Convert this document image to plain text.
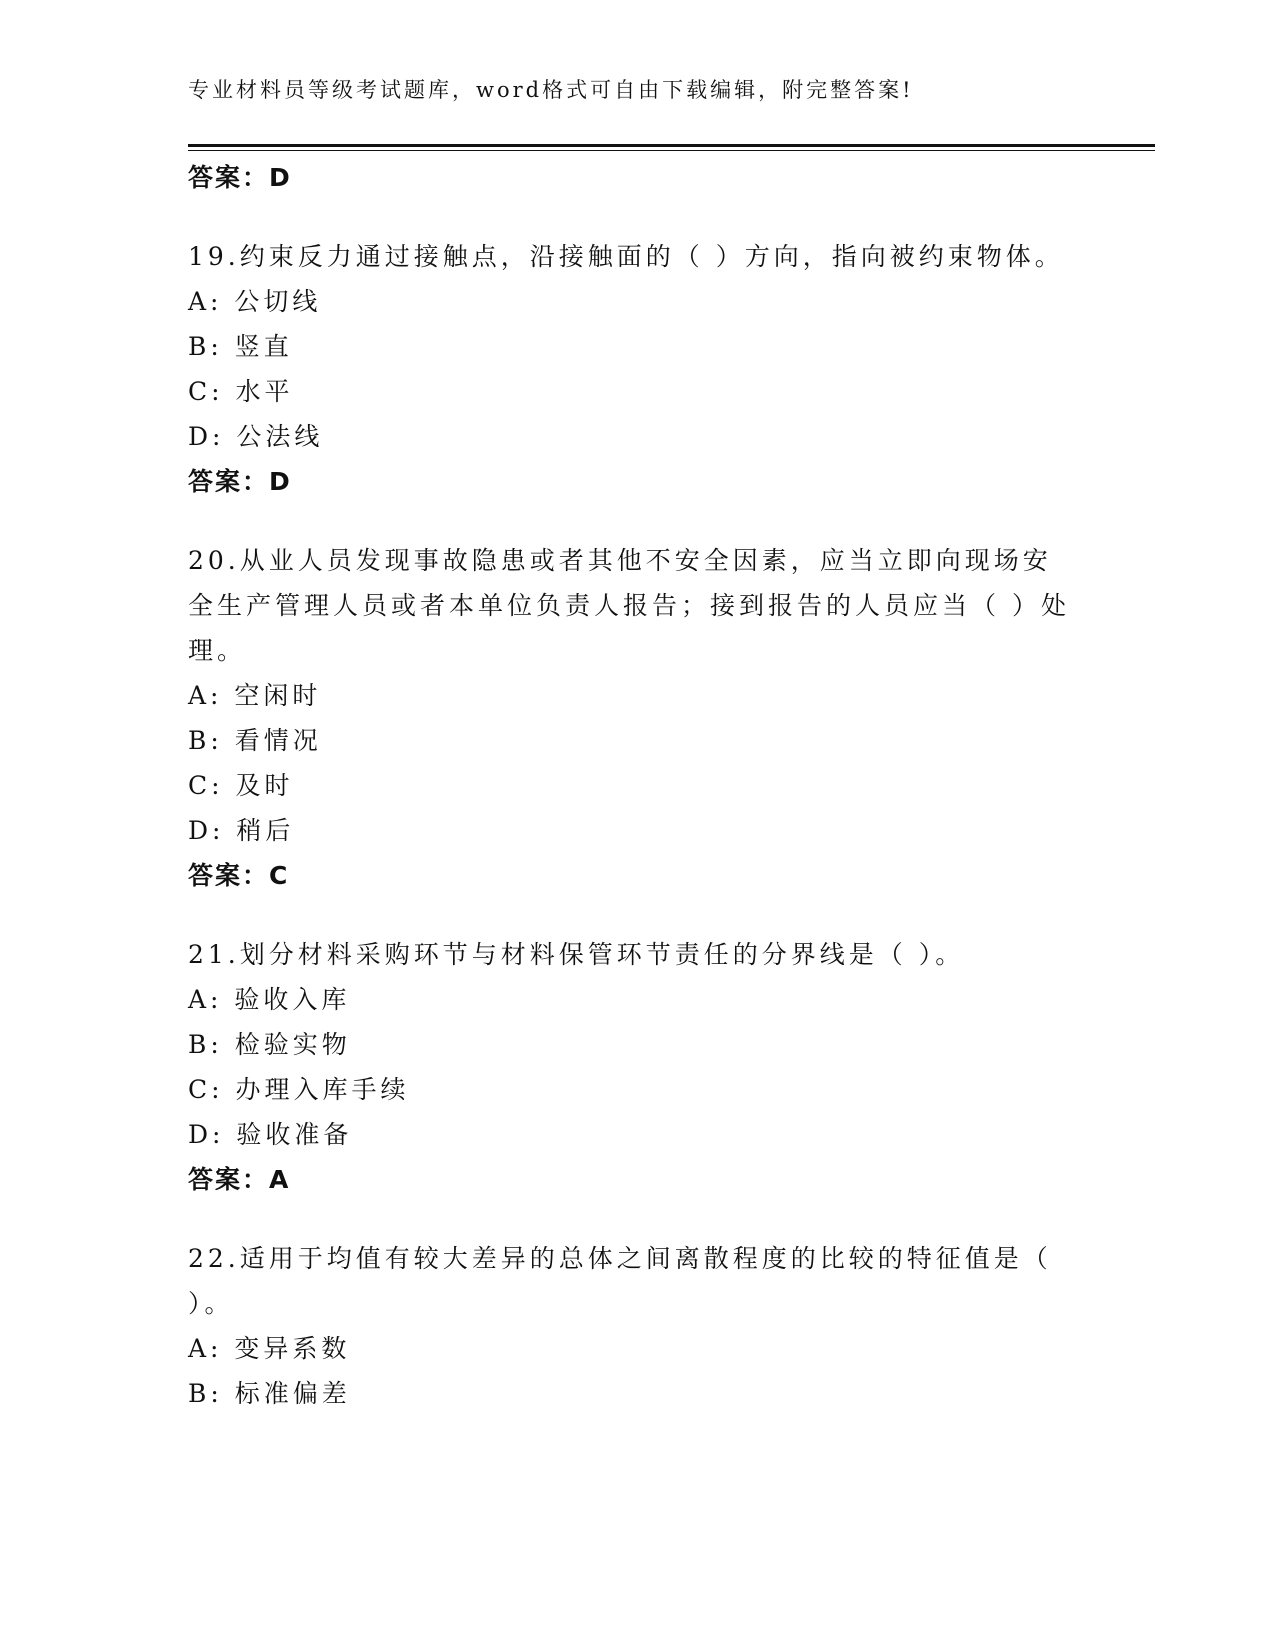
专业材料员等级考试题库，word格式可自由下载编辑，附完整答案!
答案：D
19.约束反力通过接触点，沿接触面的（ ）方向，指向被约束物体。
A: 公切线
B: 竖直
C: 水平
D: 公法线
答案：D
20.从业人员发现事故隐患或者其他不安全因素，应当立即向现场安全生产管理人员或者本单位负责人报告；接到报告的人员应当（ ）处理。
A: 空闲时
B: 看情况
C: 及时
D: 稍后
答案：C
21.划分材料采购环节与材料保管环节责任的分界线是（ ）。
A: 验收入库
B: 检验实物
C: 办理入库手续
D: 验收准备
答案：A
22.适用于均值有较大差异的总体之间离散程度的比较的特征值是（ ）。
A: 变异系数
B: 标准偏差
